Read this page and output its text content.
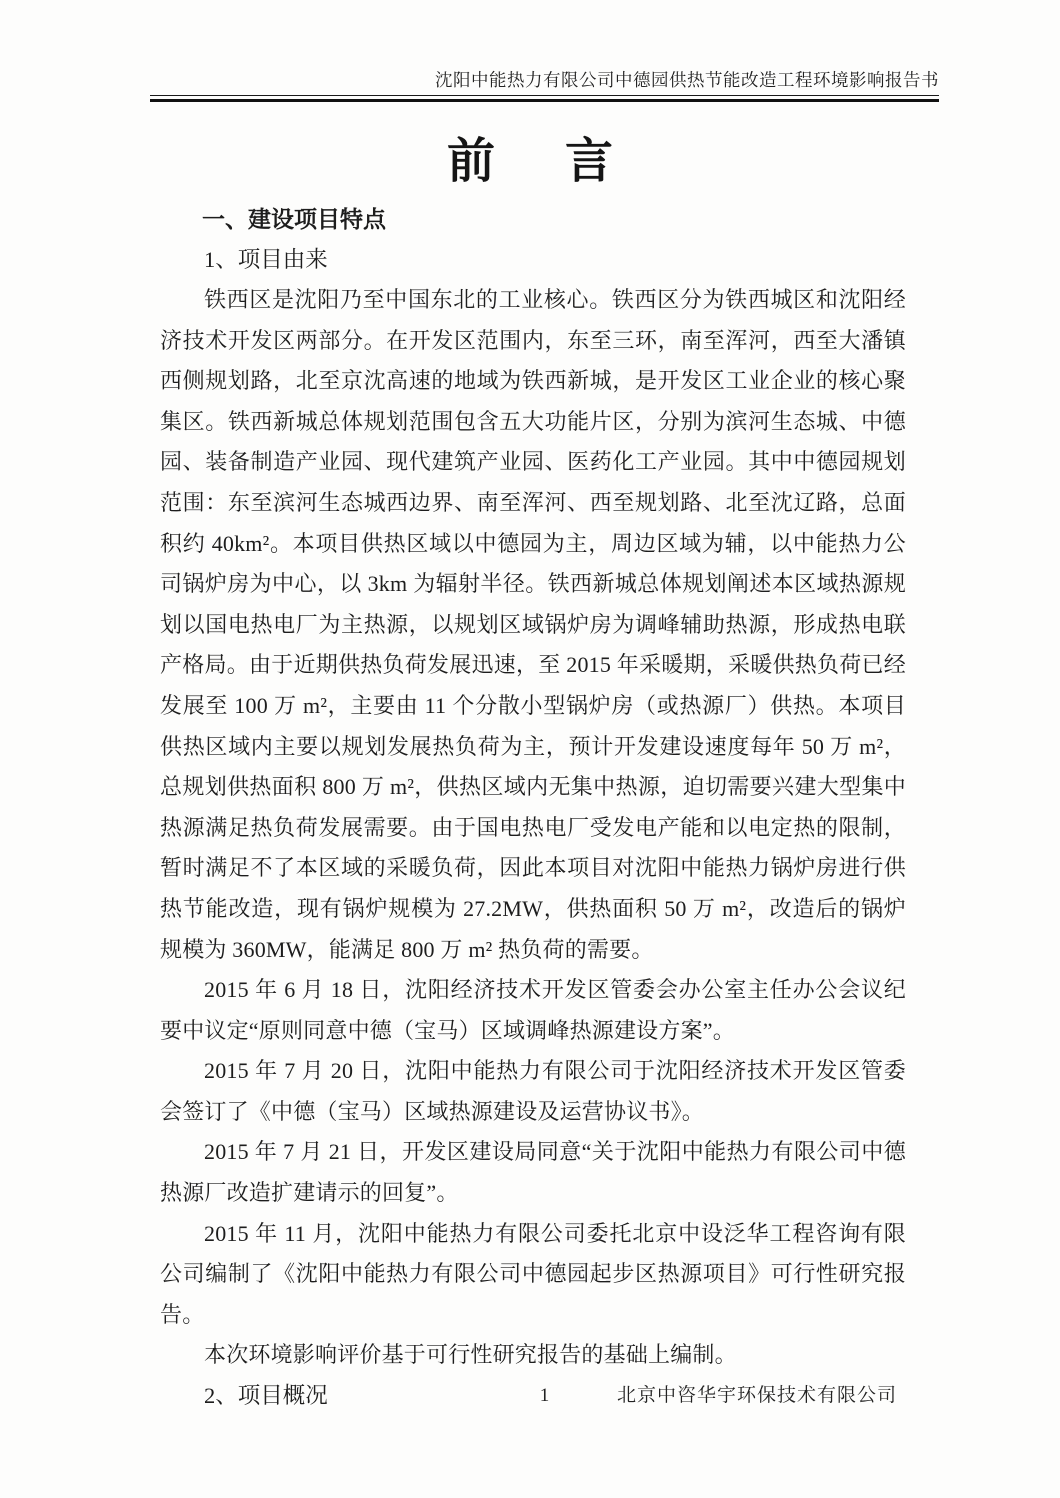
沈阳中能热力有限公司中德园供热节能改造工程环境影响报告书
前言
一、建设项目特点
1、项目由来

铁西区是沈阳乃至中国东北的工业核心。铁西区分为铁西城区和沈阳经济技术开发区两部分。在开发区范围内，东至三环，南至浑河，西至大潘镇西侧规划路，北至京沈高速的地域为铁西新城，是开发区工业企业的核心聚集区。铁西新城总体规划范围包含五大功能片区，分别为滨河生态城、中德园、装备制造产业园、现代建筑产业园、医药化工产业园。其中中德园规划范围：东至滨河生态城西边界、南至浑河、西至规划路、北至沈辽路，总面积约 40km²。本项目供热区域以中德园为主，周边区域为辅，以中能热力公司锅炉房为中心，以 3km 为辐射半径。铁西新城总体规划阐述本区域热源规划以国电热电厂为主热源，以规划区域锅炉房为调峰辅助热源，形成热电联产格局。由于近期供热负荷发展迅速，至 2015 年采暖期，采暖供热负荷已经发展至 100 万 m²，主要由 11 个分散小型锅炉房（或热源厂）供热。本项目供热区域内主要以规划发展热负荷为主，预计开发建设速度每年 50 万 m²，总规划供热面积 800 万 m²，供热区域内无集中热源，迫切需要兴建大型集中热源满足热负荷发展需要。由于国电热电厂受发电产能和以电定热的限制，暂时满足不了本区域的采暖负荷，因此本项目对沈阳中能热力锅炉房进行供热节能改造，现有锅炉规模为 27.2MW，供热面积 50 万 m²，改造后的锅炉规模为 360MW，能满足 800 万 m² 热负荷的需要。

2015 年 6 月 18 日，沈阳经济技术开发区管委会办公室主任办公会议纪要中议定“原则同意中德（宝马）区域调峰热源建设方案”。

2015 年 7 月 20 日，沈阳中能热力有限公司于沈阳经济技术开发区管委会签订了《中德（宝马）区域热源建设及运营协议书》。

2015 年 7 月 21 日，开发区建设局同意“关于沈阳中能热力有限公司中德热源厂改造扩建请示的回复”。

2015 年 11 月，沈阳中能热力有限公司委托北京中设泛华工程咨询有限公司编制了《沈阳中能热力有限公司中德园起步区热源项目》可行性研究报告。

本次环境影响评价基于可行性研究报告的基础上编制。

2、项目概况	1	北京中咨华宇环保技术有限公司
